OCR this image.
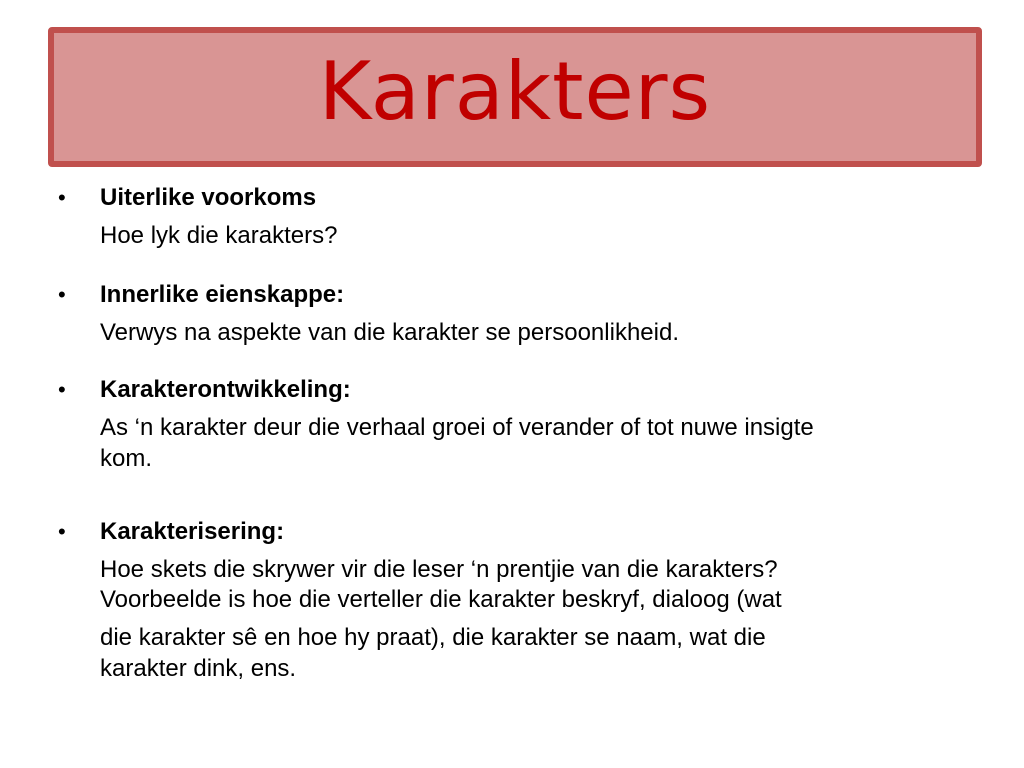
Karakters
• Uiterlike voorkoms
Hoe lyk die karakters?
• Innerlike eienskappe:
Verwys na aspekte van die karakter se persoonlikheid.
• Karakterontwikkeling:
As ‘n karakter deur die verhaal groei of verander of tot nuwe insigte
kom.
• Karakterisering:
Hoe skets die skrywer vir die leser ‘n prentjie van die karakters?
Voorbeelde is hoe die verteller die karakter beskryf, dialoog (wat
die karakter sê en hoe hy praat), die karakter se naam, wat die
karakter dink, ens.
